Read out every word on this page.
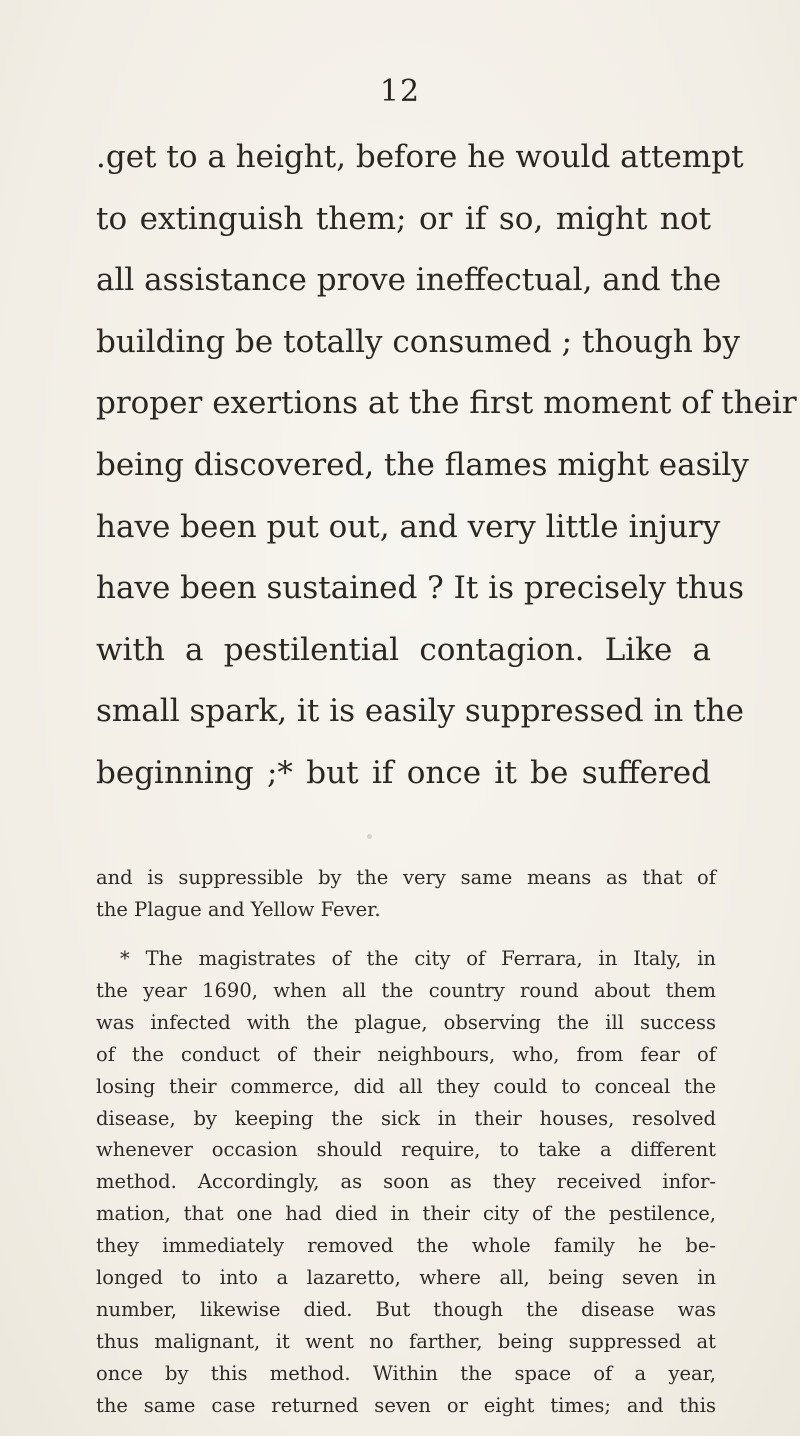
12
.get to a height, before he would attempt
to extinguish them; or if so, might not
all assistance prove ineffectual, and the
building be totally consumed ; though by
proper exertions at the first moment of their
being discovered, the flames might easily
have been put out, and very little injury
have been sustained ? It is precisely thus
with a pestilential contagion. Like a
small spark, it is easily suppressed in the
beginning ;* but if once it be suffered
and is suppressible by the very same means as that of
the Plague and Yellow Fever.
* The magistrates of the city of Ferrara, in Italy, in
the year 1690, when all the country round about them
was infected with the plague, observing the ill success
of the conduct of their neighbours, who, from fear of
losing their commerce, did all they could to conceal the
disease, by keeping the sick in their houses, resolved
whenever occasion should require, to take a different
method. Accordingly, as soon as they received infor-
mation, that one had died in their city of the pestilence,
they immediately removed the whole family he be-
longed to into a lazaretto, where all, being seven in
number, likewise died. But though the disease was
thus malignant, it went no farther, being suppressed at
once by this method. Within the space of a year,
the same case returned seven or eight times; and this
